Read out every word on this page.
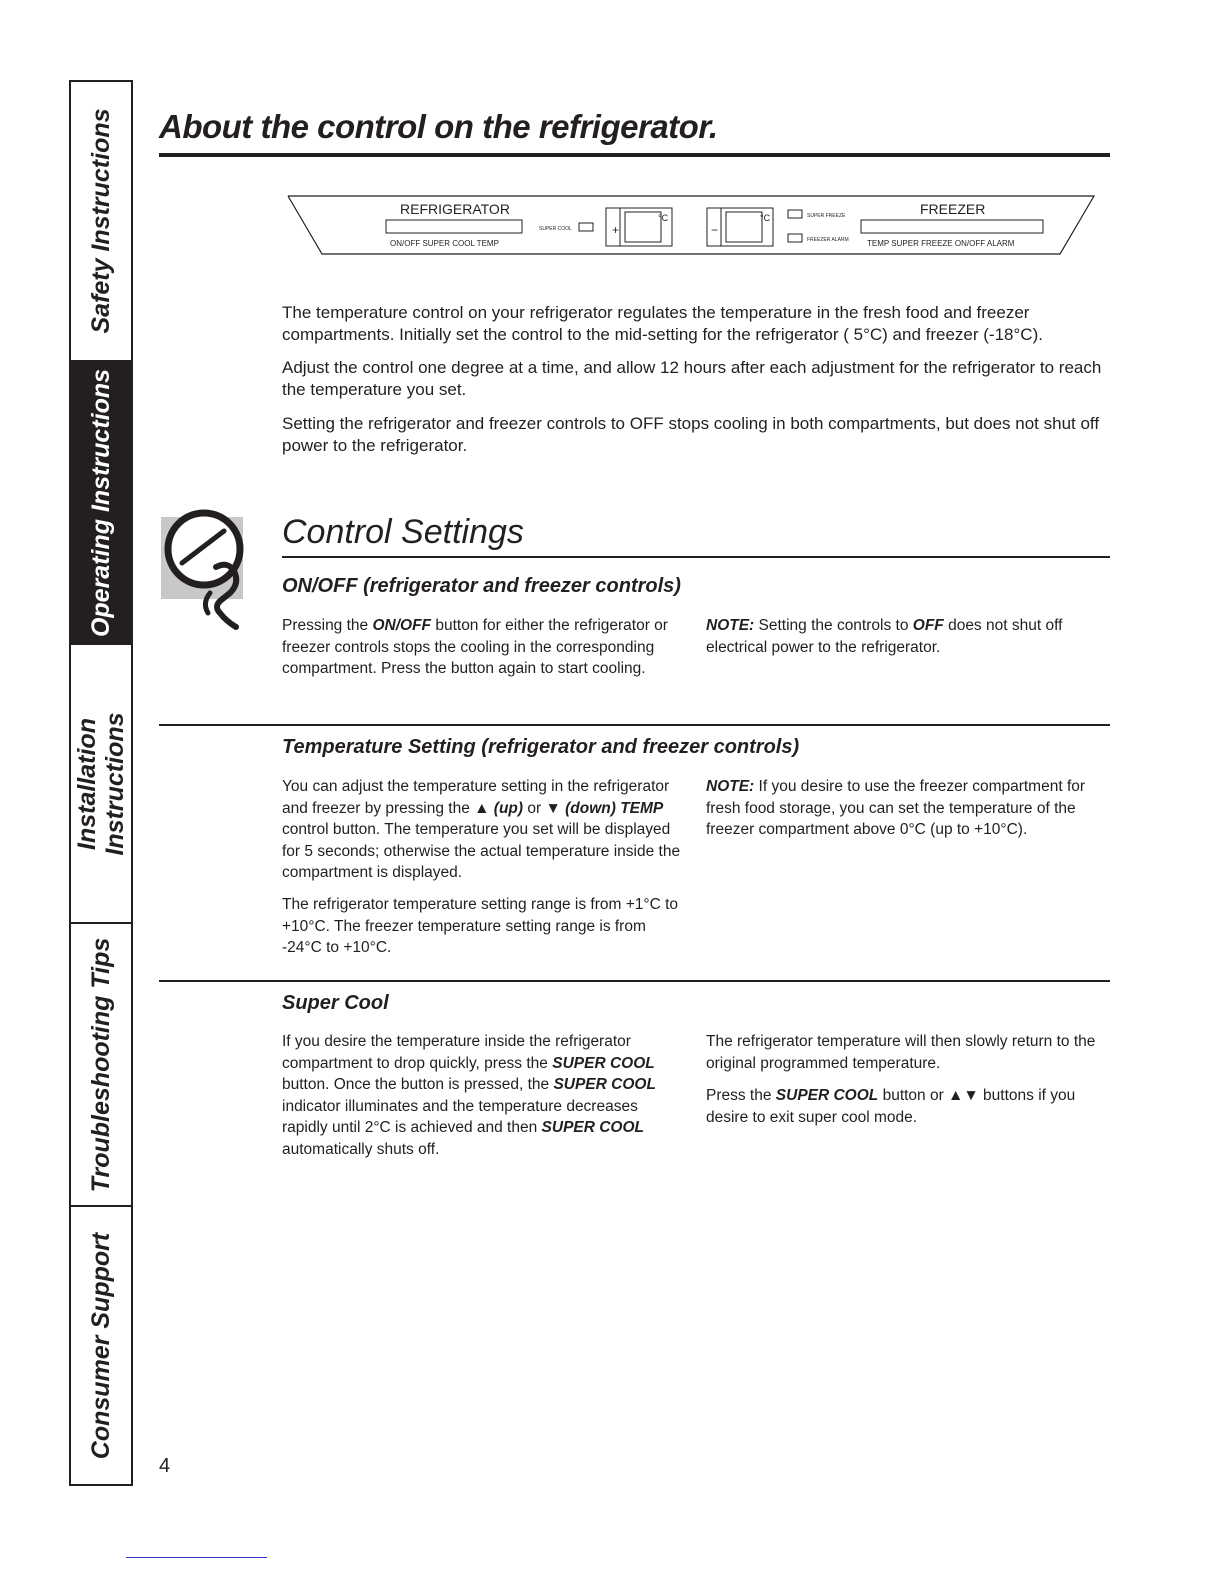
Safety Instructions
Operating Instructions
Installation Instructions
Troubleshooting Tips
Consumer Support
About the control on the refrigerator.
REFRIGERATOR
ON/OFF SUPER COOL TEMP
SUPER COOL	+
°C
−
°C	SUPER FREEZE
FREEZER ALARM
FREEZER
TEMP SUPER FREEZE ON/OFF ALARM

The temperature control on your refrigerator regulates the temperature in the fresh food and freezer compartments. Initially set the control to the mid-setting for the refrigerator ( 5°C) and freezer (-18°C).

Adjust the control one degree at a time, and allow 12 hours after each adjustment for the refrigerator to reach the temperature you set.

Setting the refrigerator and freezer controls to OFF stops cooling in both compartments, but does not shut off power to the refrigerator.

Control Settings
ON/OFF (refrigerator and freezer controls)

Pressing the ON/OFF button for either the refrigerator or freezer controls stops the cooling in the corresponding compartment. Press the button again to start cooling.

NOTE: Setting the controls to OFF does not shut off electrical power to the refrigerator.

Temperature Setting (refrigerator and freezer controls)

You can adjust the temperature setting in the refrigerator and freezer by pressing the ▲ (up) or ▼ (down) TEMP control button. The temperature you set will be displayed for 5 seconds; otherwise the actual temperature inside the compartment is displayed.

The refrigerator temperature setting range is from +1°C to +10°C. The freezer temperature setting range is from -24°C to +10°C.

NOTE: If you desire to use the freezer compartment for fresh food storage, you can set the temperature of the freezer compartment above 0°C (up to +10°C).

Super Cool

If you desire the temperature inside the refrigerator compartment to drop quickly, press the SUPER COOL button. Once the button is pressed, the SUPER COOL indicator illuminates and the temperature decreases rapidly until 2°C is achieved and then SUPER COOL automatically shuts off.

The refrigerator temperature will then slowly return to the original programmed temperature.

Press the SUPER COOL button or ▲▼ buttons if you desire to exit super cool mode.

4
